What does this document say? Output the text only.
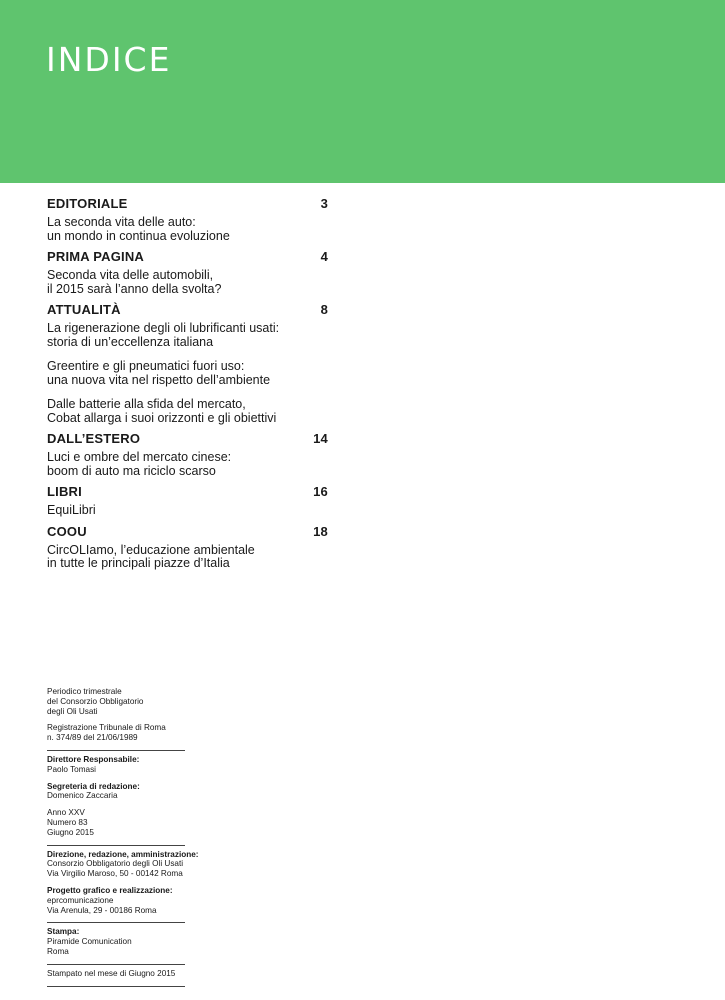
INDICE
EDITORIALE	3
La seconda vita delle auto:
un mondo in continua evoluzione
PRIMA PAGINA	4
Seconda vita delle automobili,
il 2015 sarà l’anno della svolta?
ATTUALITÀ	8
La rigenerazione degli oli lubrificanti usati:
storia di un’eccellenza italiana
Greentire e gli pneumatici fuori uso:
una nuova vita nel rispetto dell’ambiente
Dalle batterie alla sfida del mercato,
Cobat allarga i suoi orizzonti e gli obiettivi
DALL’ESTERO	14
Luci e ombre del mercato cinese:
boom di auto ma riciclo scarso
LIBRI	16
EquiLibri
COOU	18
CircOLIamo, l’educazione ambientale
in tutte le principali piazze d’Italia
Periodico trimestrale
del Consorzio Obbligatorio
degli Oli Usati
Registrazione Tribunale di Roma
n. 374/89 del 21/06/1989
Direttore Responsabile:
Paolo Tomasi
Segreteria di redazione:
Domenico Zaccaria
Anno XXV
Numero 83
Giugno 2015
Direzione, redazione, amministrazione:
Consorzio Obbligatorio degli Oli Usati
Via Virgilio Maroso, 50 - 00142 Roma
Progetto grafico e realizzazione:
eprcomunicazione
Via Arenula, 29 - 00186 Roma
Stampa:
Piramide Comunication
Roma
Stampato nel mese di Giugno 2015
